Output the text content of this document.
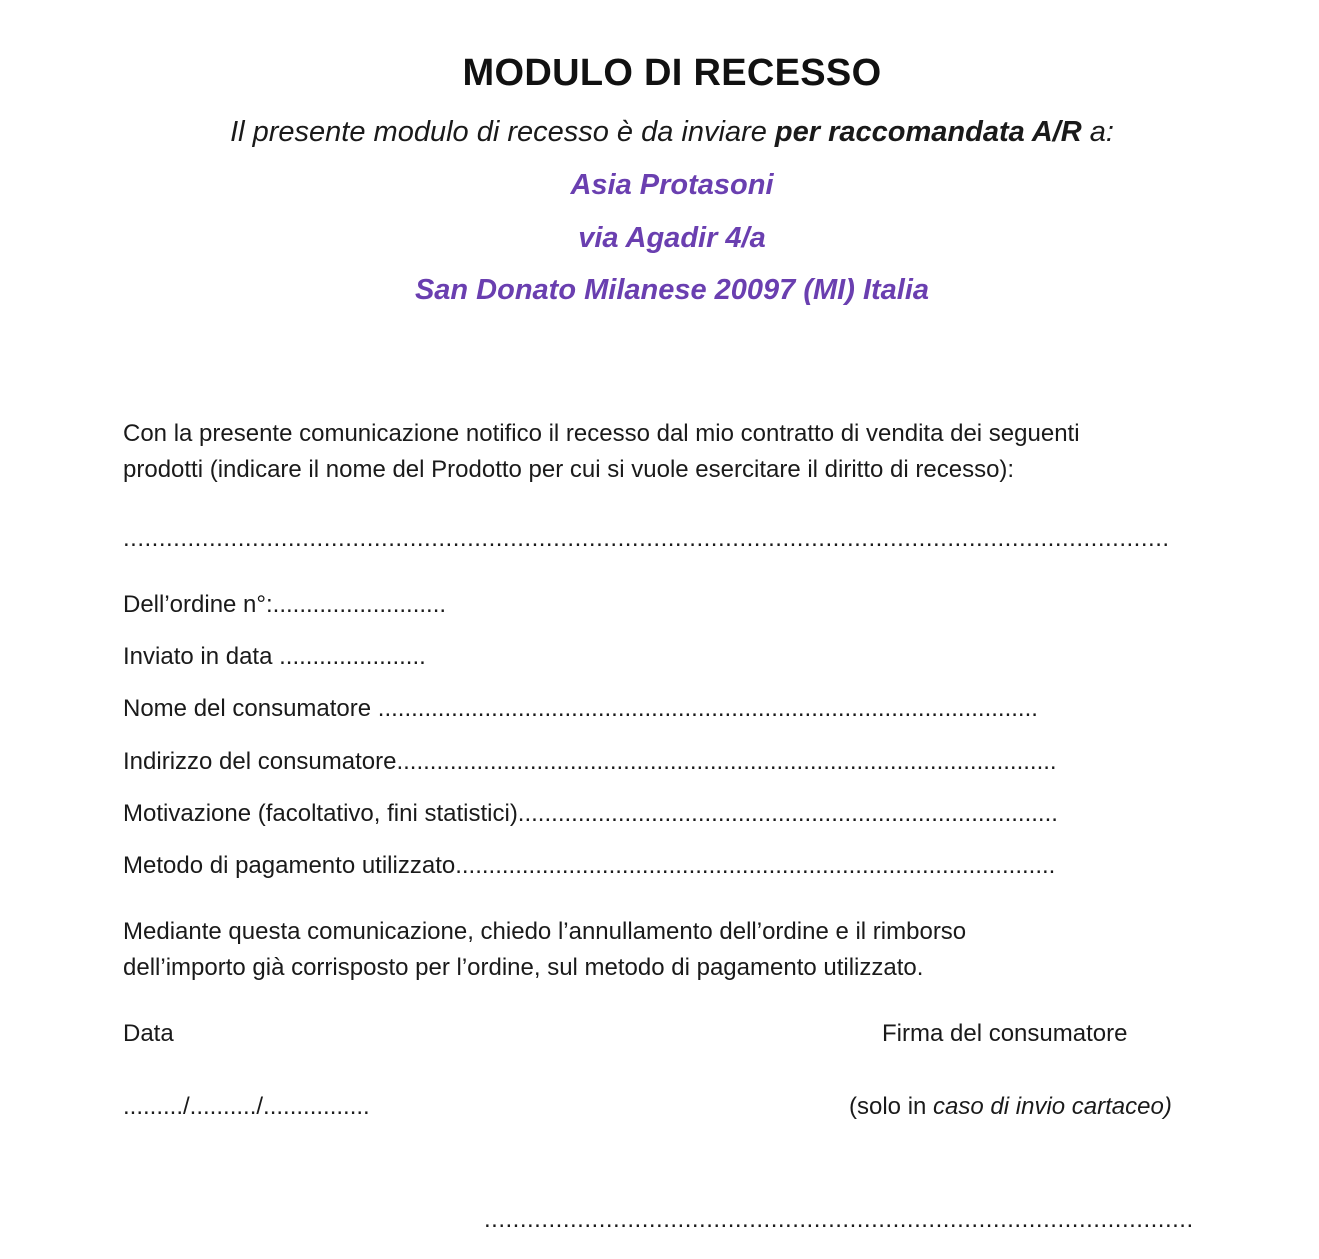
MODULO DI RECESSO
Il presente modulo di recesso è da inviare per raccomandata A/R a:
Asia Protasoni
via Agadir 4/a
San Donato Milanese 20097 (MI) Italia
Con la presente comunicazione notifico il recesso dal mio contratto di vendita dei seguenti
prodotti (indicare il nome del Prodotto per cui si vuole esercitare il diritto di recesso):
..................................................................................................................................................
Dell’ordine n°:..........................
Inviato in data ......................
Nome del consumatore ...................................................................................................
Indirizzo del consumatore...................................................................................................
Motivazione (facoltativo, fini statistici).................................................................................
Metodo di pagamento utilizzato..........................................................................................
Mediante questa comunicazione, chiedo l’annullamento dell’ordine e il rimborso
dell’importo già corrisposto per l’ordine, sul metodo di pagamento utilizzato.
Data	Firma del consumatore
........./........../................	(solo in caso di invio cartaceo)
...................................................................................................
